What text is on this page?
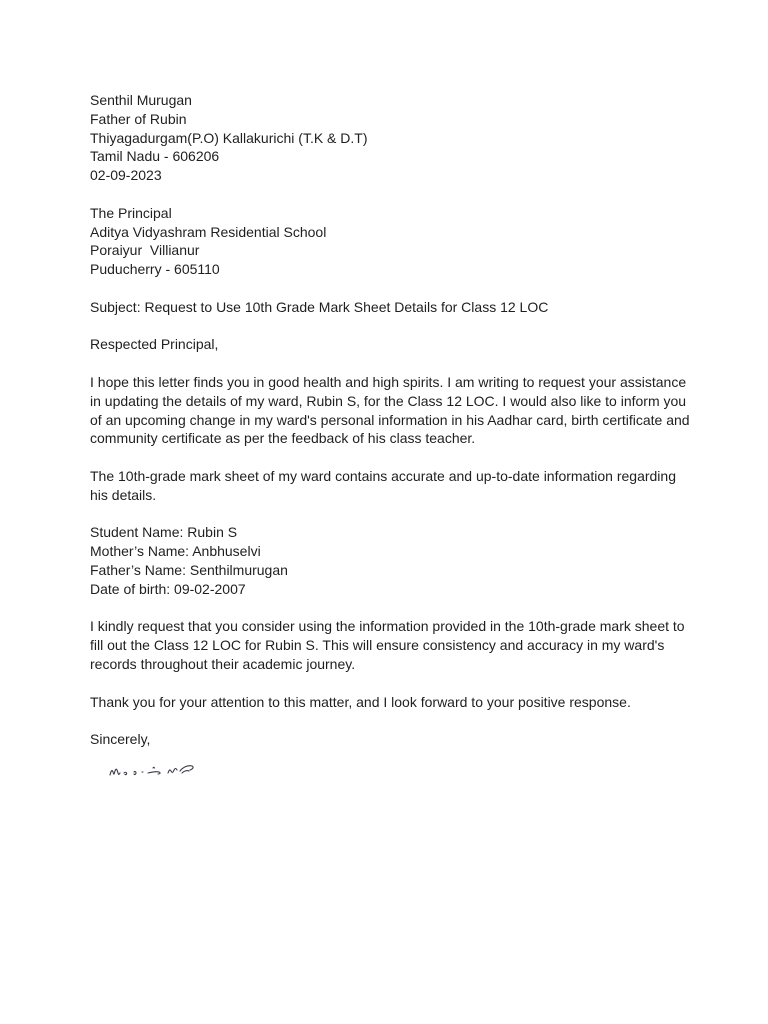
Senthil Murugan
Father of Rubin
Thiyagadurgam(P.O) Kallakurichi (T.K & D.T)
Tamil Nadu - 606206
02-09-2023
The Principal
Aditya Vidyashram Residential School
Poraiyur  Villianur
Puducherry - 605110
Subject: Request to Use 10th Grade Mark Sheet Details for Class 12 LOC
Respected Principal,
I hope this letter finds you in good health and high spirits. I am writing to request your assistance in updating the details of my ward, Rubin S, for the Class 12 LOC. I would also like to inform you of an upcoming change in my ward's personal information in his Aadhar card, birth certificate and community certificate as per the feedback of his class teacher.
The 10th-grade mark sheet of my ward contains accurate and up-to-date information regarding his details.
Student Name: Rubin S
Mother’s Name: Anbhuselvi
Father’s Name: Senthilmurugan
Date of birth: 09-02-2007
I kindly request that you consider using the information provided in the 10th-grade mark sheet to fill out the Class 12 LOC for Rubin S. This will ensure consistency and accuracy in my ward's records throughout their academic journey.
Thank you for your attention to this matter, and I look forward to your positive response.
Sincerely,
